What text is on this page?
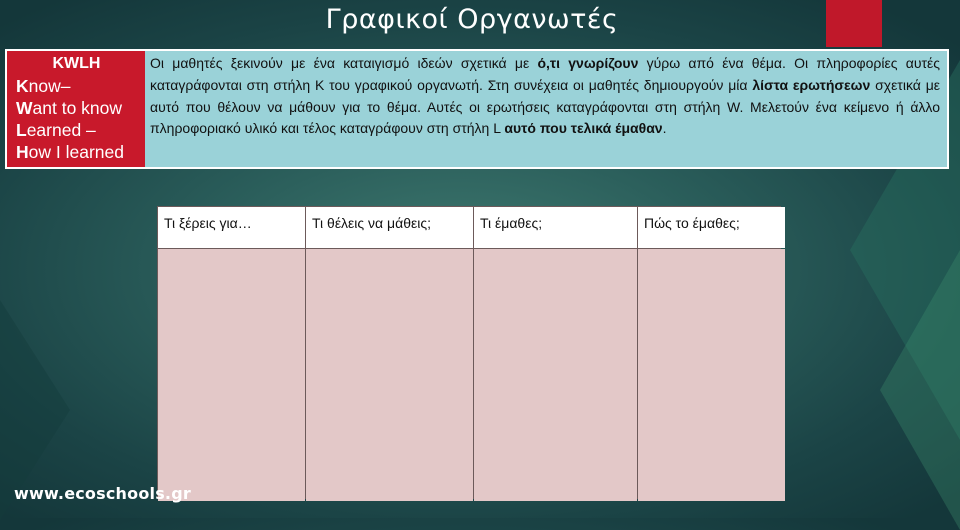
Γραφικοί Οργανωτές
KWLH
Know–
Want to know
Learned –
How I learned
Οι μαθητές ξεκινούν με ένα καταιγισμό ιδεών σχετικά με ό,τι γνωρίζουν γύρω από ένα θέμα. Οι πληροφορίες αυτές καταγράφονται στη στήλη K του γραφικού οργανωτή. Στη συνέχεια οι μαθητές δημιουργούν μία λίστα ερωτήσεων σχετικά με αυτό που θέλουν να μάθουν για το θέμα. Αυτές οι ερωτήσεις καταγράφονται στη στήλη W. Μελετούν ένα κείμενο ή άλλο πληροφοριακό υλικό και τέλος καταγράφουν στη στήλη L αυτό που τελικά έμαθαν.
Τι ξέρεις για…	Τι θέλεις να μάθεις;	Τι έμαθες;	Πώς το έμαθες;
www.ecoschools.gr
